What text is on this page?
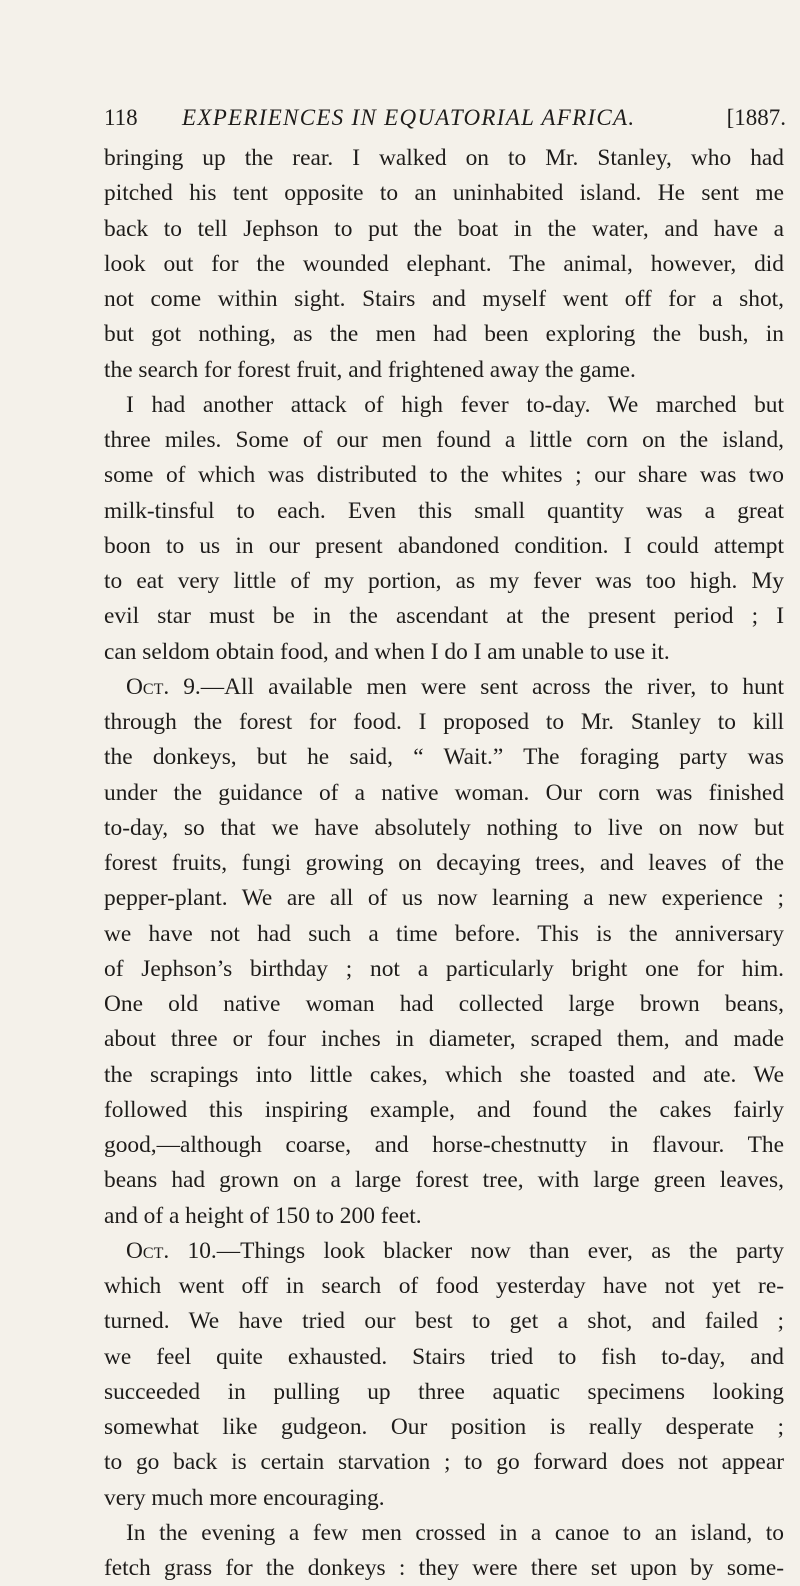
118 EXPERIENCES IN EQUATORIAL AFRICA.	[1887.
bringing up the rear. I walked on to Mr. Stanley, who had
pitched his tent opposite to an uninhabited island. He sent me
back to tell Jephson to put the boat in the water, and have a
look out for the wounded elephant. The animal, however, did
not come within sight. Stairs and myself went off for a shot,
but got nothing, as the men had been exploring the bush, in
the search for forest fruit, and frightened away the game.
I had another attack of high fever to-day. We marched but
three miles. Some of our men found a little corn on the island,
some of which was distributed to the whites ; our share was two
milk-tinsful to each. Even this small quantity was a great
boon to us in our present abandoned condition. I could attempt
to eat very little of my portion, as my fever was too high. My
evil star must be in the ascendant at the present period ; I
can seldom obtain food, and when I do I am unable to use it.
Oct. 9.—All available men were sent across the river, to hunt
through the forest for food. I proposed to Mr. Stanley to kill
the donkeys, but he said, “ Wait.” The foraging party was
under the guidance of a native woman. Our corn was finished
to-day, so that we have absolutely nothing to live on now but
forest fruits, fungi growing on decaying trees, and leaves of the
pepper-plant. We are all of us now learning a new experience ;
we have not had such a time before. This is the anniversary
of Jephson’s birthday ; not a particularly bright one for him.
One old native woman had collected large brown beans,
about three or four inches in diameter, scraped them, and made
the scrapings into little cakes, which she toasted and ate. We
followed this inspiring example, and found the cakes fairly
good,—although coarse, and horse-chestnutty in flavour. The
beans had grown on a large forest tree, with large green leaves,
and of a height of 150 to 200 feet.
Oct. 10.—Things look blacker now than ever, as the party
which went off in search of food yesterday have not yet re-
turned. We have tried our best to get a shot, and failed ;
we feel quite exhausted. Stairs tried to fish to-day, and
succeeded in pulling up three aquatic specimens looking
somewhat like gudgeon. Our position is really desperate ;
to go back is certain starvation ; to go forward does not appear
very much more encouraging.
In the evening a few men crossed in a canoe to an island, to
fetch grass for the donkeys : they were there set upon by some-
